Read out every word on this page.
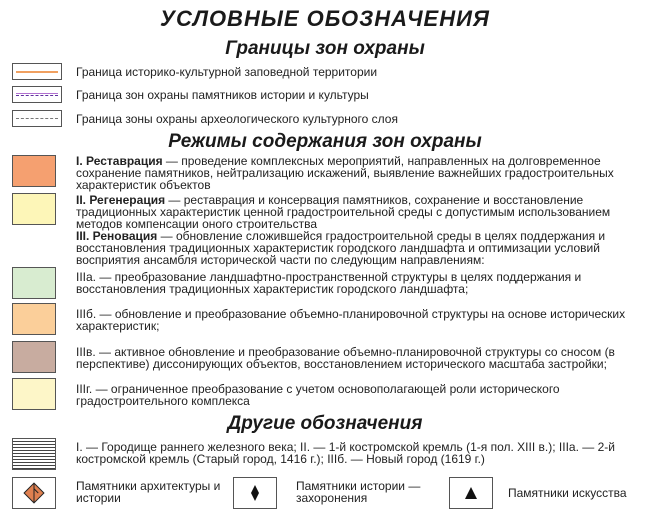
УСЛОВНЫЕ ОБОЗНАЧЕНИЯ
Границы зон охраны
Граница историко-культурной заповедной территории
Граница зон охраны памятников истории и культуры
Граница зоны охраны археологического культурного слоя
Режимы содержания зон охраны
I. Реставрация — проведение комплексных мероприятий, направленных на долговременное сохранение памятников, нейтрализацию искажений, выявление важнейших градостроительных характеристик объектов
II. Регенерация — реставрация и консервация памятников, сохранение и восстановление традиционных характеристик ценной градостроительной среды с допустимым использованием методов компенсации оного строительства
III. Реновация — обновление сложившейся градостроительной среды в целях поддержания и восстановления традиционных характеристик городского ландшафта и оптимизации условий восприятия ансамбля исторической части по следующим направлениям:
IIIа. — преобразование ландшафтно-пространственной структуры в целях поддержания и восстановления традиционных характеристик городского ландшафта;
IIIб. — обновление и преобразование объемно-планировочной структуры на основе исторических характеристик;
IIIв. — активное обновление и преобразование объемно-планировочной структуры со сносом (в перспективе) диссонирующих объектов, восстановлением исторического масштаба застройки;
IIIг. — ограниченное преобразование с учетом основополагающей роли исторического градостроительного комплекса
Другие обозначения
I. — Городище раннего железного века; II. — 1-й костромской кремль (1-я пол. XIII в.); IIIа. — 2-й костромской кремль (Старый город, 1416 г.); IIIб. — Новый город (1619 г.)
Памятники архитектуры и истории
Памятники истории — захоронения	Памятники искусства
